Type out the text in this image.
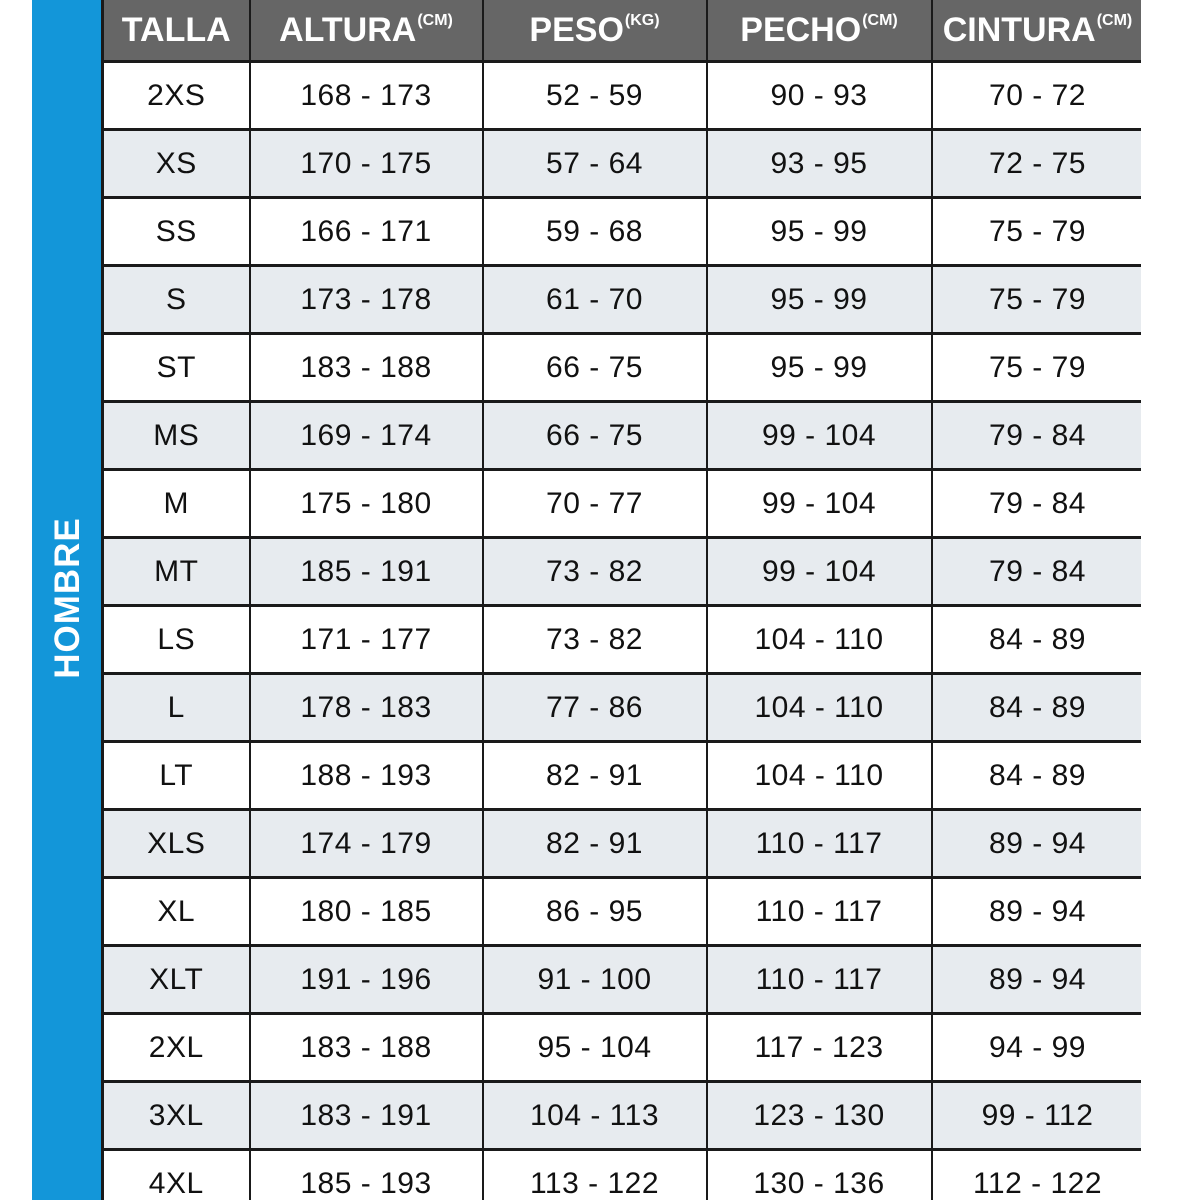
HOMBRE
TALLA	$ALTURA^{(CM)}$	$PESO^{(KG)}$	$PECHO^{(CM)}$	$CINTURA^{(CM)}$
2XS	168 - 173	52 - 59	90 - 93	70 - 72
XS	170 - 175	57 - 64	93 - 95	72 - 75
SS	166 - 171	59 - 68	95 - 99	75 - 79
S	173 - 178	61 - 70	95 - 99	75 - 79
ST	183 - 188	66 - 75	95 - 99	75 - 79
MS	169 - 174	66 - 75	99 - 104	79 - 84
M	175 - 180	70 - 77	99 - 104	79 - 84
MT	185 - 191	73 - 82	99 - 104	79 - 84
LS	171 - 177	73 - 82	104 - 110	84 - 89
L	178 - 183	77 - 86	104 - 110	84 - 89
LT	188 - 193	82 - 91	104 - 110	84 - 89
XLS	174 - 179	82 - 91	110 - 117	89 - 94
XL	180 - 185	86 - 95	110 - 117	89 - 94
XLT	191 - 196	91 - 100	110 - 117	89 - 94
2XL	183 - 188	95 - 104	117 - 123	94 - 99
3XL	183 - 191	104 - 113	123 - 130	99 - 112
4XL	185 - 193	113 - 122	130 - 136	112 - 122
